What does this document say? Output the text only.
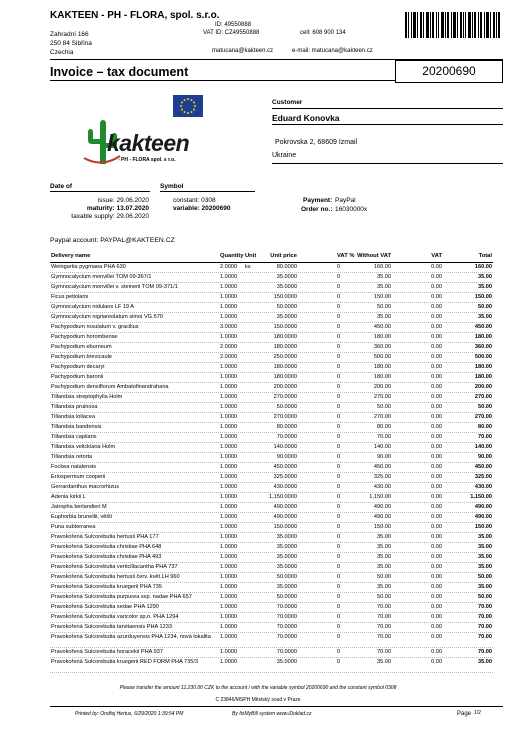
KAKTEEN - PH - FLORA, spol. s.r.o.
Zahradní 166
250 84 Sibřina
Czechia
ID: 49550888
VAT ID: CZ49550888	cell: 608 900 134
matucana@kakteen.cz	e-mail: matucana@kakteen.cz
Invoice – tax document	20200690
kakteen
- PH - FLORA spol. s r.o.
Customer
Eduard Konovka
Pokrovska 2, 68609 Izmail
Ukraine
Date of	Symbol
issue: 29.06.2020
maturity: 13.07.2020
taxable supply: 29.06.2020
constant: 0308
variable: 20200690
Payment: PayPal
Order no.: 16030000x
Paypal account: PAYPAL@KAKTEEN.CZ
Delivery name	Quantity Unit Unit price	VAT % Without VAT	VAT	Total
Weingartia pygmaea PHA 630	2.0000 ks	80.0000	0	160.00	0.00	160.00
Gymnocalycium monvillei TOM 09-367/1	1.0000	35.0000	0	35.00	0.00	35.00
Gymnocalycium monvillei v. steinerii TOM 09-371/1	1.0000	35.0000	0	35.00	0.00	35.00
Ficus petiolaris	1.0000	150.0000	0	150.00	0.00	150.00
Gymnocalycium nidulans LF 19 A	1.0000	50.0000	0	50.00	0.00	50.00
Gymnocalycium nigriareolatum simoi VG 570	1.0000	35.0000	0	35.00	0.00	35.00
Pachypodium rosulatum v. gracilius	3.0000	150.0000	0	450.00	0.00	450.00
Pachypodium horombense	1.0000	180.0000	0	180.00	0.00	180.00
Pachypodium eburneum	2.0000	180.0000	0	360.00	0.00	360.00
Pachypodium brevicaule	2.0000	250.0000	0	500.00	0.00	500.00
Pachypodium decaryi	1.0000	180.0000	0	180.00	0.00	180.00
Pachypodium baronii	1.0000	180.0000	0	180.00	0.00	180.00
Pachypodium densiflorum Ambatofinandrahana	1.0000	200.0000	0	200.00	0.00	200.00
Tillandsia streptophylla Holm	1.0000	270.0000	0	270.00	0.00	270.00
Tillandsia pruinosa	1.0000	50.0000	0	50.00	0.00	50.00
Tillandsia loliacea	1.0000	270.0000	0	270.00	0.00	270.00
Tillandsia bandensis	1.0000	80.0000	0	80.00	0.00	80.00
Tillandsia capilaris	1.0000	70.0000	0	70.00	0.00	70.00
Tillandsia velickiana Holm	1.0000	140.0000	0	140.00	0.00	140.00
Tillandsia retorta	1.0000	90.0000	0	90.00	0.00	90.00
Fockea natalensis	1.0000	450.0000	0	450.00	0.00	450.00
Eriospermum cooperii	1.0000	325.0000	0	325.00	0.00	325.00
Gerrardanthus macrorhizus	1.0000	430.0000	0	430.00	0.00	430.00
Adenia kirkii L	1.0000	1,150.0000	0	1,150.00	0.00	1,150.00
Jatropha berlandieri M	1.0000	490.0000	0	490.00	0.00	490.00
Euphorbia brunellii, větší	1.0000	490.0000	0	490.00	0.00	490.00
Puna subterranea	1.0000	150.0000	0	150.00	0.00	150.00
Pravokořená Sulcorebutia hertusii PHA 177	1.0000	35.0000	0	35.00	0.00	35.00
Pravokořená Sulcorebutia christiae PHA 648	1.0000	35.0000	0	35.00	0.00	35.00
Pravokořená Sulcorebutia christiae PHA 493	1.0000	35.0000	0	35.00	0.00	35.00
Pravokořená Sulcorebutia verticillacantha PHA 737	1.0000	35.0000	0	35.00	0.00	35.00
Pravokořená Sulcorebutia hertusii červ. květ.LH 960	1.0000	50.0000	0	50.00	0.00	50.00
Pravokořená Sulcorebutia kruegerii PHA 735	1.0000	35.0000	0	35.00	0.00	35.00
Pravokořená Sulcorebutia purpurea ssp. nadae PHA 657	1.0000	50.0000	0	50.00	0.00	50.00
Pravokořená Sulcorebutia sedae PHA 1290	1.0000	70.0000	0	70.00	0.00	70.00
Pravokořená Sulcorebutia varicolor sp.n. PHA 1294	1.0000	70.0000	0	70.00	0.00	70.00
Pravokořená Sulcorebutia tarvitaensis PHA 1233	1.0000	70.0000	0	70.00	0.00	70.00
Pravokořená Sulcorebutia azurduyensis PHA 1234, nová lokalita 1.0000	70.0000	0	70.00	0.00	70.00
Pravokořená Sulcorebutia horacekii PHA 937	1.0000	70.0000	0	70.00	0.00	70.00
Pravokořená Sulcorebutia kruegerii RED FORM PHA 735/3	1.0000	35.0000	0	35.00	0.00	35.00
Please transfer the amount 11,230.00 CZK to the account / with the variable symbol 20200690 and the constant symbol 0308
C 23846/MSPH Městský soud v Praze
Printed by: Ondřej Hertus, 6/29/2020 1:39:54 PM	By ItsMyBill system www.iDoklad.cz	Page 1/2
